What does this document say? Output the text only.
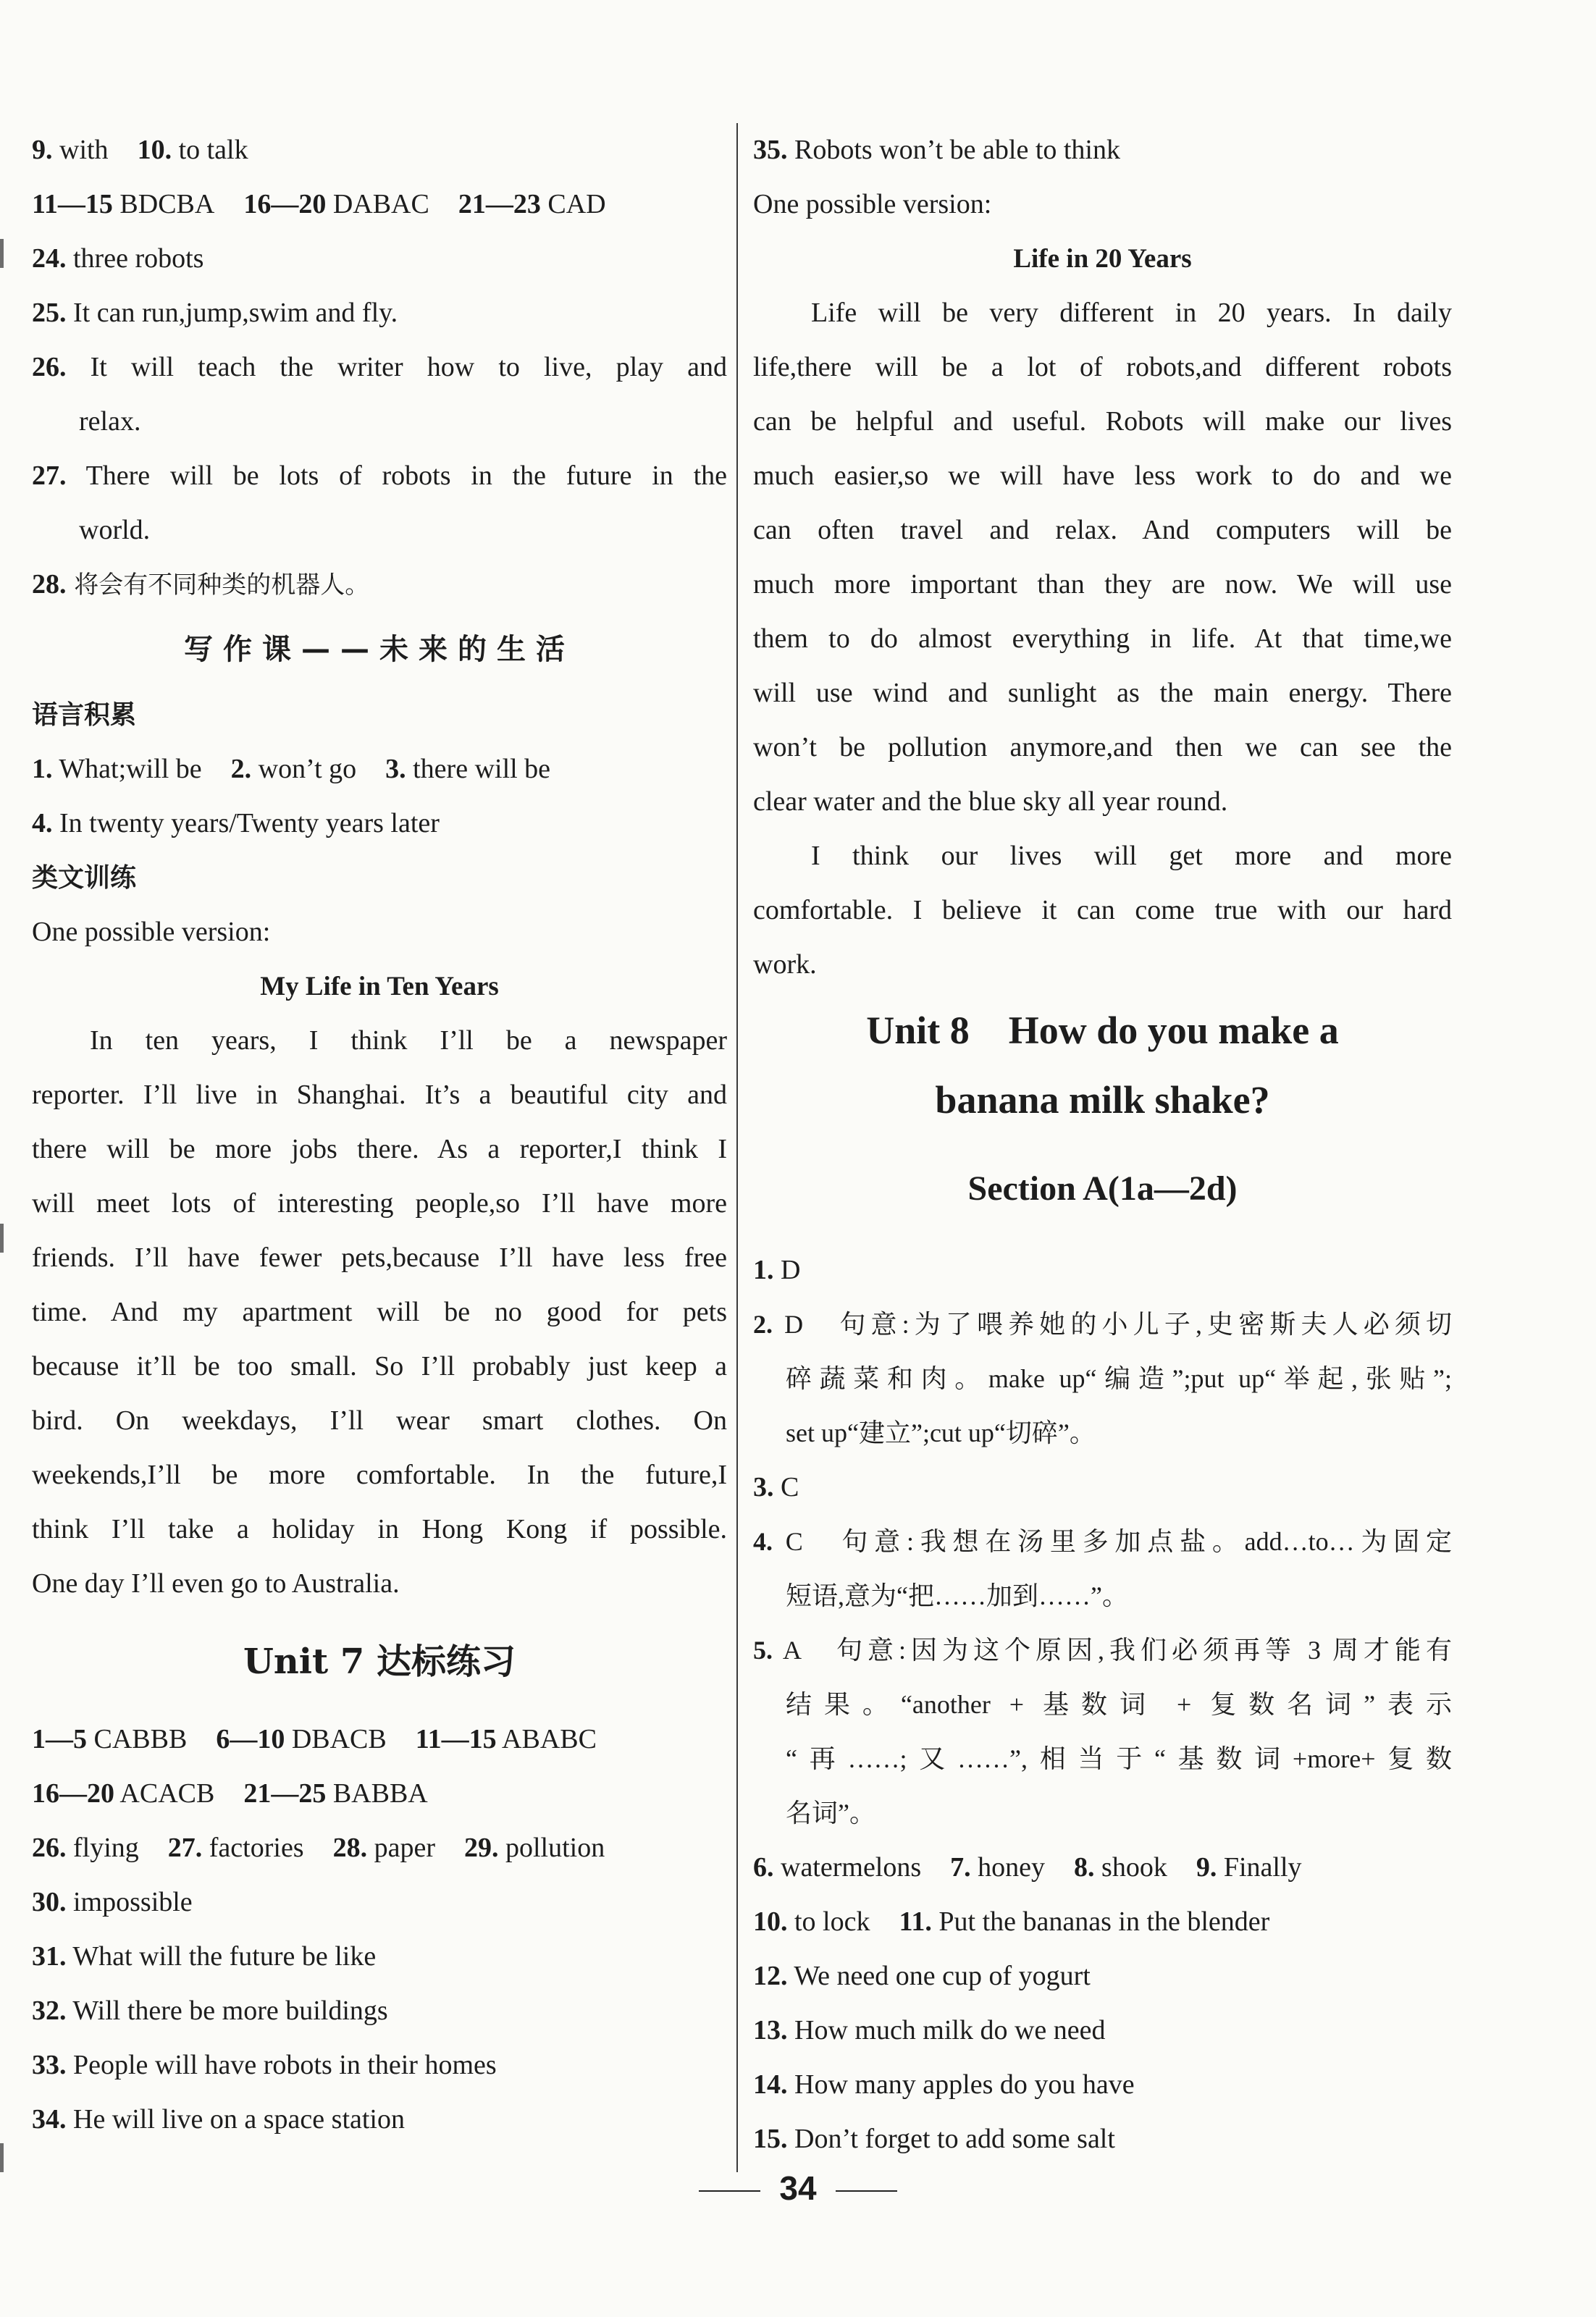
9. with 10. to talk
11—15 BDCBA 16—20 DABAC 21—23 CAD
24. three robots
25. It can run,jump,swim and fly.
26. It will teach the writer how to live, play and
relax.
27. There will be lots of robots in the future in the
world.
28. 将会有不同种类的机器人。
写作课——未来的生活
语言积累
1. What;will be 2. won’t go 3. there will be
4. In twenty years/Twenty years later
类文训练
One possible version:
My Life in Ten Years
In ten years, I think I’ll be a newspaper
reporter. I’ll live in Shanghai. It’s a beautiful city and
there will be more jobs there. As a reporter,I think I
will meet lots of interesting people,so I’ll have more
friends. I’ll have fewer pets,because I’ll have less free
time. And my apartment will be no good for pets
because it’ll be too small. So I’ll probably just keep a
bird. On weekdays, I’ll wear smart clothes. On
weekends,I’ll be more comfortable. In the future,I
think I’ll take a holiday in Hong Kong if possible.
One day I’ll even go to Australia.
Unit 7 达标练习
1—5 CABBB 6—10 DBACB 11—15 ABABC
16—20 ACACB 21—25 BABBA
26. flying 27. factories 28. paper 29. pollution
30. impossible
31. What will the future be like
32. Will there be more buildings
33. People will have robots in their homes
34. He will live on a space station
35. Robots won’t be able to think
One possible version:
Life in 20 Years
Life will be very different in 20 years. In daily
life,there will be a lot of robots,and different robots
can be helpful and useful. Robots will make our lives
much easier,so we will have less work to do and we
can often travel and relax. And computers will be
much more important than they are now. We will use
them to do almost everything in life. At that time,we
will use wind and sunlight as the main energy. There
won’t be pollution anymore,and then we can see the
clear water and the blue sky all year round.
I think our lives will get more and more
comfortable. I believe it can come true with our hard
work.
Unit 8　How do you make a
banana milk shake?
Section A(1a—2d)
1. D
2. D　句意:为了喂养她的小儿子,史密斯夫人必须切
碎蔬菜和肉。make up“编造”;put up“举起,张贴”;
set up“建立”;cut up“切碎”。
3. C
4. C　句意:我想在汤里多加点盐。add…to…为固定
短语,意为“把……加到……”。
5. A　句意:因为这个原因,我们必须再等 3 周才能有
结果。“another + 基数词 + 复数名词”表示
“再……;又……”,相当于“基数词+more+复数
名词”。
6. watermelons 7. honey 8. shook 9. Finally
10. to lock 11. Put the bananas in the blender
12. We need one cup of yogurt
13. How much milk do we need
14. How many apples do you have
15. Don’t forget to add some salt
34
